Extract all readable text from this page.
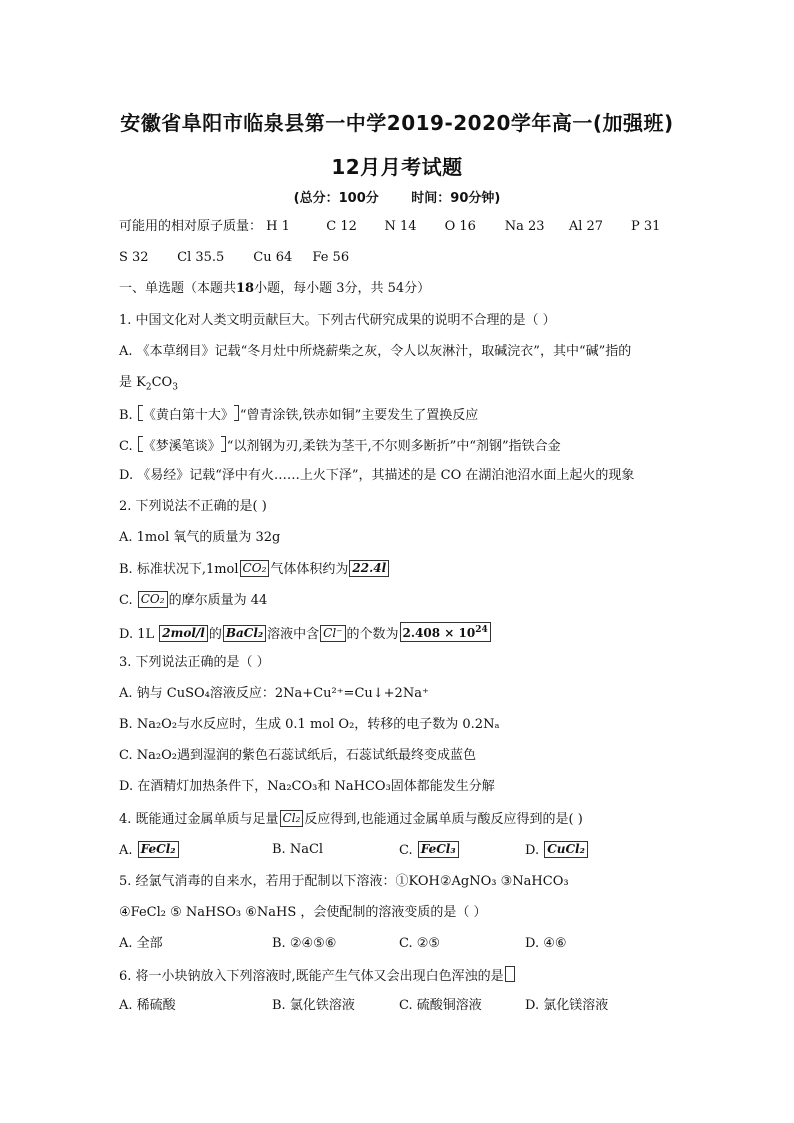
安徽省阜阳市临泉县第一中学2019-2020学年高一(加强班)
12月月考试题
(总分：100分	时间：90分钟)
可能用的相对原子质量： H 1	C 12 N 14 O 16 Na 23 Al 27 P 31
S 32 Cl 35.5 Cu 64 Fe 56
一、单选题（本题共18小题，每小题 3分，共 54分）
1. 中国文化对人类文明贡献巨大。下列古代研究成果的说明不合理的是（ ）
A. 《本草纲目》记载“冬月灶中所烧薪柴之灰，令人以灰淋汁，取碱浣衣”，其中“碱”指的
是 $K_2CO_3$
B. 《黄白第十大》 “曾青涂铁,铁赤如铜”主要发生了置换反应
C. 《梦溪笔谈》 “以剂钢为刃,柔铁为茎干,不尔则多断折”中“剂钢”指铁合金
D. 《易经》记载“泽中有火……上火下泽”，其描述的是 CO 在湖泊池沼水面上起火的现象
2. 下列说法不正确的是( )
A. 1mol 氧气的质量为 32g
B. 标准状况下,1mol CO₂ 气体体积约为 22.4l
C. CO₂ 的摩尔质量为 44
D. 1L 2mol/l 的 BaCl₂ 溶液中含 Cl⁻ 的个数为 $2.408 \times 10^{24}$
3. 下列说法正确的是（ ）
A. 钠与 CuSO₄溶液反应：2Na+Cu²⁺=Cu↓+2Na⁺
B. Na₂O₂与水反应时，生成 0.1 mol O₂，转移的电子数为 0.2Nₐ
C. Na₂O₂遇到湿润的紫色石蕊试纸后，石蕊试纸最终变成蓝色
D. 在酒精灯加热条件下，Na₂CO₃和 NaHCO₃固体都能发生分解
4. 既能通过金属单质与足量 Cl₂ 反应得到,也能通过金属单质与酸反应得到的是( )
A. FeCl₂	B. NaCl	C. FeCl₃	D. CuCl₂
5. 经氯气消毒的自来水，若用于配制以下溶液：①KOH②AgNO₃ ③NaHCO₃
④FeCl₂ ⑤ NaHSO₃ ⑥NaHS ，会使配制的溶液变质的是（ ）
A. 全部	B. ②④⑤⑥	C. ②⑤	D. ④⑥
6. 将一小块钠放入下列溶液时,既能产生气体又会出现白色浑浊的是
A. 稀硫酸	B. 氯化铁溶液	C. 硫酸铜溶液	D. 氯化镁溶液
